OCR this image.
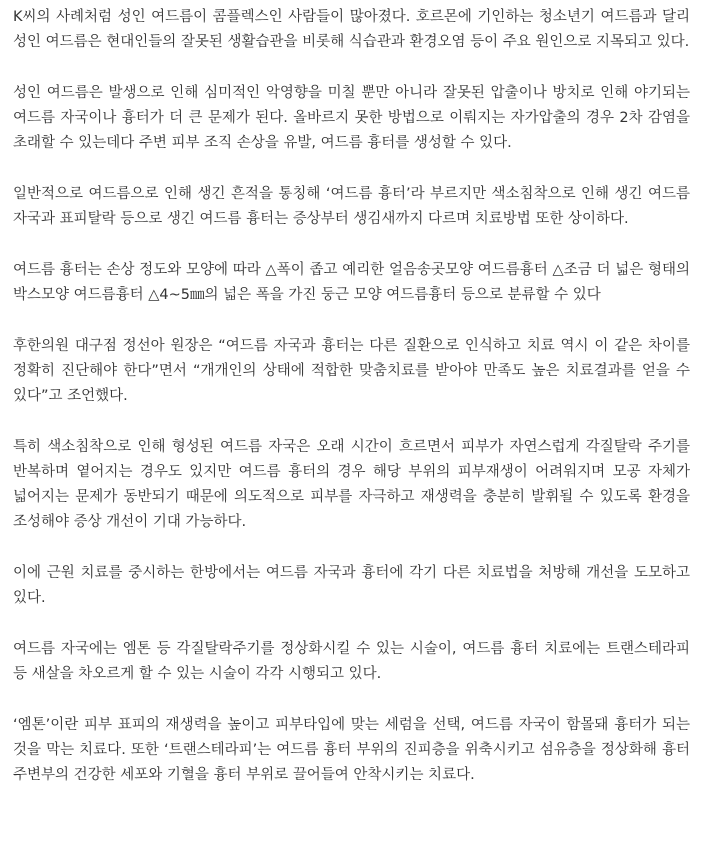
K씨의 사례처럼 성인 여드름이 콤플렉스인 사람들이 많아졌다. 호르몬에 기인하는 청소년기 여드름과 달리 성인 여드름은 현대인들의 잘못된 생활습관을 비롯해 식습관과 환경오염 등이 주요 원인으로 지목되고 있다.

성인 여드름은 발생으로 인해 심미적인 악영향을 미칠 뿐만 아니라 잘못된 압출이나 방치로 인해 야기되는 여드름 자국이나 흉터가 더 큰 문제가 된다. 올바르지 못한 방법으로 이뤄지는 자가압출의 경우 2차 감염을 초래할 수 있는데다 주변 피부 조직 손상을 유발, 여드름 흉터를 생성할 수 있다.

일반적으로 여드름으로 인해 생긴 흔적을 통칭해 ‘여드름 흉터’라 부르지만 색소침착으로 인해 생긴 여드름 자국과 표피탈락 등으로 생긴 여드름 흉터는 증상부터 생김새까지 다르며 치료방법 또한 상이하다.

여드름 흉터는 손상 정도와 모양에 따라 △폭이 좁고 예리한 얼음송곳모양 여드름흉터 △조금 더 넓은 형태의 박스모양 여드름흉터 △4~5㎜의 넓은 폭을 가진 둥근 모양 여드름흉터 등으로 분류할 수 있다

후한의원 대구점 정선아 원장은 “여드름 자국과 흉터는 다른 질환으로 인식하고 치료 역시 이 같은 차이를 정확히 진단해야 한다”면서 “개개인의 상태에 적합한 맞춤치료를 받아야 만족도 높은 치료결과를 얻을 수 있다”고 조언했다.

특히 색소침착으로 인해 형성된 여드름 자국은 오래 시간이 흐르면서 피부가 자연스럽게 각질탈락 주기를 반복하며 옅어지는 경우도 있지만 여드름 흉터의 경우 해당 부위의 피부재생이 어려워지며 모공 자체가 넓어지는 문제가 동반되기 때문에 의도적으로 피부를 자극하고 재생력을 충분히 발휘될 수 있도록 환경을 조성해야 증상 개선이 기대 가능하다.

이에 근원 치료를 중시하는 한방에서는 여드름 자국과 흉터에 각기 다른 치료법을 처방해 개선을 도모하고 있다.

여드름 자국에는 엠톤 등 각질탈락주기를 정상화시킬 수 있는 시술이, 여드름 흉터 치료에는 트랜스테라피 등 새살을 차오르게 할 수 있는 시술이 각각 시행되고 있다.

‘엠톤’이란 피부 표피의 재생력을 높이고 피부타입에 맞는 세럼을 선택, 여드름 자국이 함몰돼 흉터가 되는 것을 막는 치료다. 또한 ‘트랜스테라피’는 여드름 흉터 부위의 진피층을 위축시키고 섬유층을 정상화해 흉터 주변부의 건강한 세포와 기혈을 흉터 부위로 끌어들여 안착시키는 치료다.
